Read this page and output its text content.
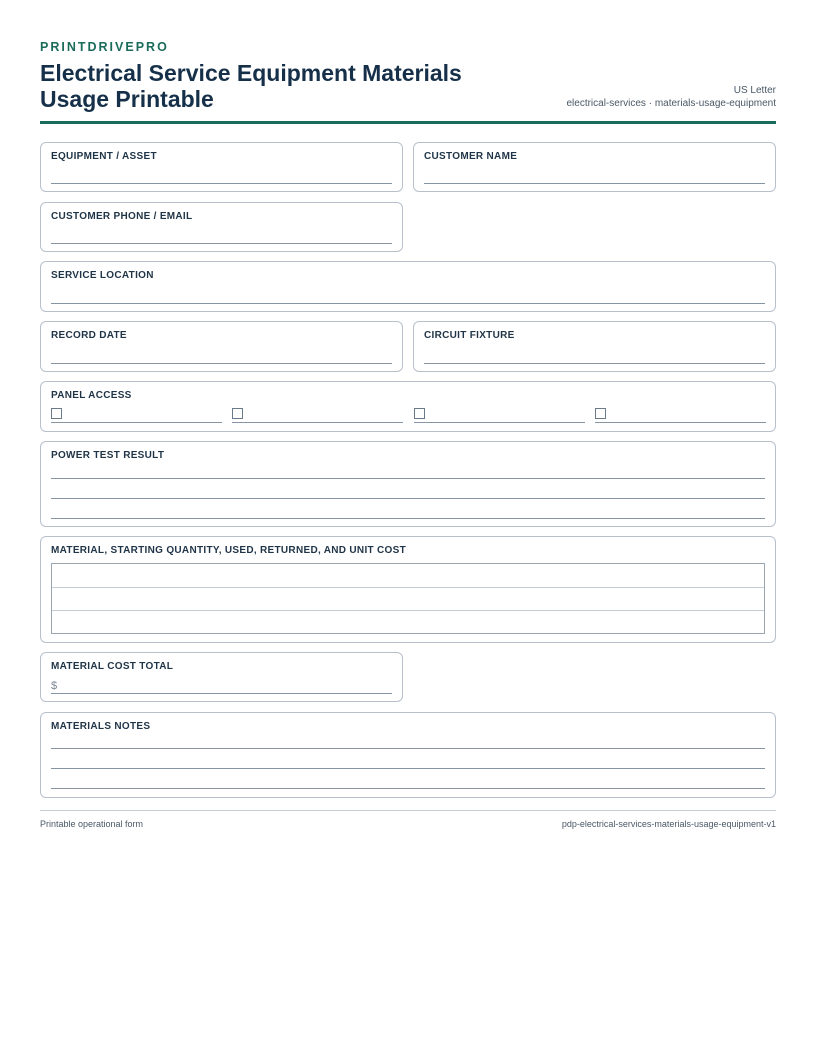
PRINTDRIVEPRO
Electrical Service Equipment Materials Usage Printable	US Letter
electrical-services · materials-usage-equipment
EQUIPMENT / ASSET	CUSTOMER NAME
CUSTOMER PHONE / EMAIL
SERVICE LOCATION
RECORD DATE	CIRCUIT FIXTURE
PANEL ACCESS
POWER TEST RESULT
MATERIAL, STARTING QUANTITY, USED, RETURNED, AND UNIT COST
MATERIAL COST TOTAL
$
MATERIALS NOTES
Printable operational form	pdp-electrical-services-materials-usage-equipment-v1
